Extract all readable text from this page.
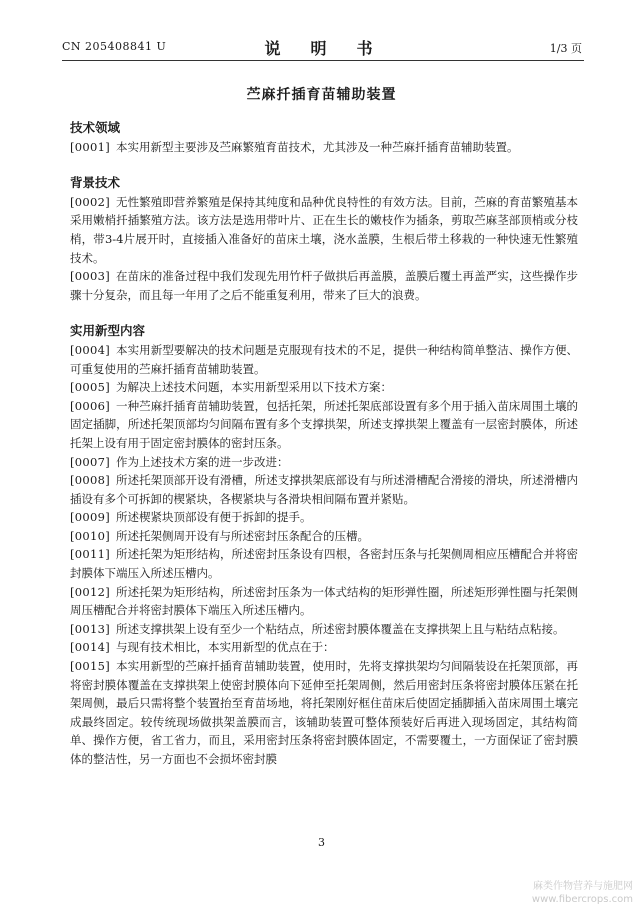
CN 205408841 U	说　明　书	1/3 页
苎麻扦插育苗辅助装置

技术领域

[0001] 本实用新型主要涉及苎麻繁殖育苗技术，尤其涉及一种苎麻扦插育苗辅助装置。

背景技术

[0002] 无性繁殖即营养繁殖是保持其纯度和品种优良特性的有效方法。目前，苎麻的育苗繁殖基本采用嫩梢扦插繁殖方法。该方法是选用带叶片、正在生长的嫩枝作为插条，剪取苎麻茎部顶梢或分枝梢，带3-4片展开时，直接插入准备好的苗床土壤，浇水盖膜，生根后带土移栽的一种快速无性繁殖技术。

[0003] 在苗床的准备过程中我们发现先用竹杆子做拱后再盖膜，盖膜后覆土再盖严实，这些操作步骤十分复杂，而且每一年用了之后不能重复利用，带来了巨大的浪费。

实用新型内容

[0004] 本实用新型要解决的技术问题是克服现有技术的不足，提供一种结构简单整洁、操作方便、可重复使用的苎麻扦插育苗辅助装置。

[0005] 为解决上述技术问题，本实用新型采用以下技术方案：

[0006] 一种苎麻扦插育苗辅助装置，包括托架，所述托架底部设置有多个用于插入苗床周围土壤的固定插脚，所述托架顶部均匀间隔布置有多个支撑拱架，所述支撑拱架上覆盖有一层密封膜体，所述托架上设有用于固定密封膜体的密封压条。

[0007] 作为上述技术方案的进一步改进：

[0008] 所述托架顶部开设有滑槽，所述支撑拱架底部设有与所述滑槽配合滑接的滑块，所述滑槽内插设有多个可拆卸的楔紧块，各楔紧块与各滑块相间隔布置并紧贴。

[0009] 所述楔紧块顶部设有便于拆卸的提手。

[0010] 所述托架侧周开设有与所述密封压条配合的压槽。

[0011] 所述托架为矩形结构，所述密封压条设有四根，各密封压条与托架侧周相应压槽配合并将密封膜体下端压入所述压槽内。

[0012] 所述托架为矩形结构，所述密封压条为一体式结构的矩形弹性圈，所述矩形弹性圈与托架侧周压槽配合并将密封膜体下端压入所述压槽内。

[0013] 所述支撑拱架上设有至少一个粘结点，所述密封膜体覆盖在支撑拱架上且与粘结点粘接。

[0014] 与现有技术相比，本实用新型的优点在于：

[0015] 本实用新型的苎麻扦插育苗辅助装置，使用时，先将支撑拱架均匀间隔装设在托架顶部，再将密封膜体覆盖在支撑拱架上使密封膜体向下延伸至托架周侧，然后用密封压条将密封膜体压紧在托架周侧，最后只需将整个装置抬至育苗场地，将托架刚好框住苗床后使固定插脚插入苗床周围土壤完成最终固定。较传统现场做拱架盖膜而言，该辅助装置可整体预装好后再进入现场固定，其结构简单、操作方便，省工省力，而且，采用密封压条将密封膜体固定，不需要覆土，一方面保证了密封膜体的整洁性，另一方面也不会损坏密封膜

3
麻类作物营养与施肥网
www.fibercrops.com
